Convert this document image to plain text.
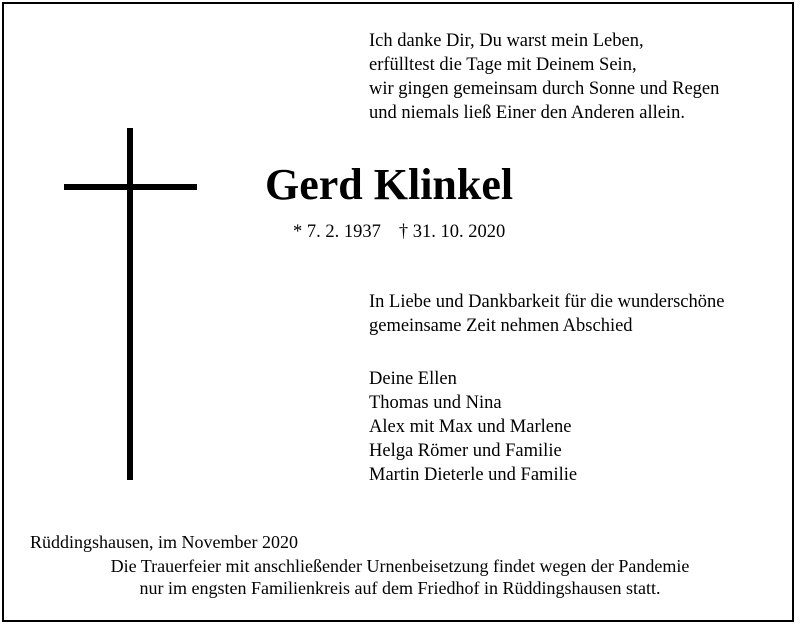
Ich danke Dir, Du warst mein Leben,
erfülltest die Tage mit Deinem Sein,
wir gingen gemeinsam durch Sonne und Regen
und niemals ließ Einer den Anderen allein.
Gerd Klinkel
* 7. 2. 1937 † 31. 10. 2020
In Liebe und Dankbarkeit für die wunderschöne
gemeinsame Zeit nehmen Abschied
Deine Ellen
Thomas und Nina
Alex mit Max und Marlene
Helga Römer und Familie
Martin Dieterle und Familie
Rüddingshausen, im November 2020
Die Trauerfeier mit anschließender Urnenbeisetzung findet wegen der Pandemie
nur im engsten Familienkreis auf dem Friedhof in Rüddingshausen statt.
